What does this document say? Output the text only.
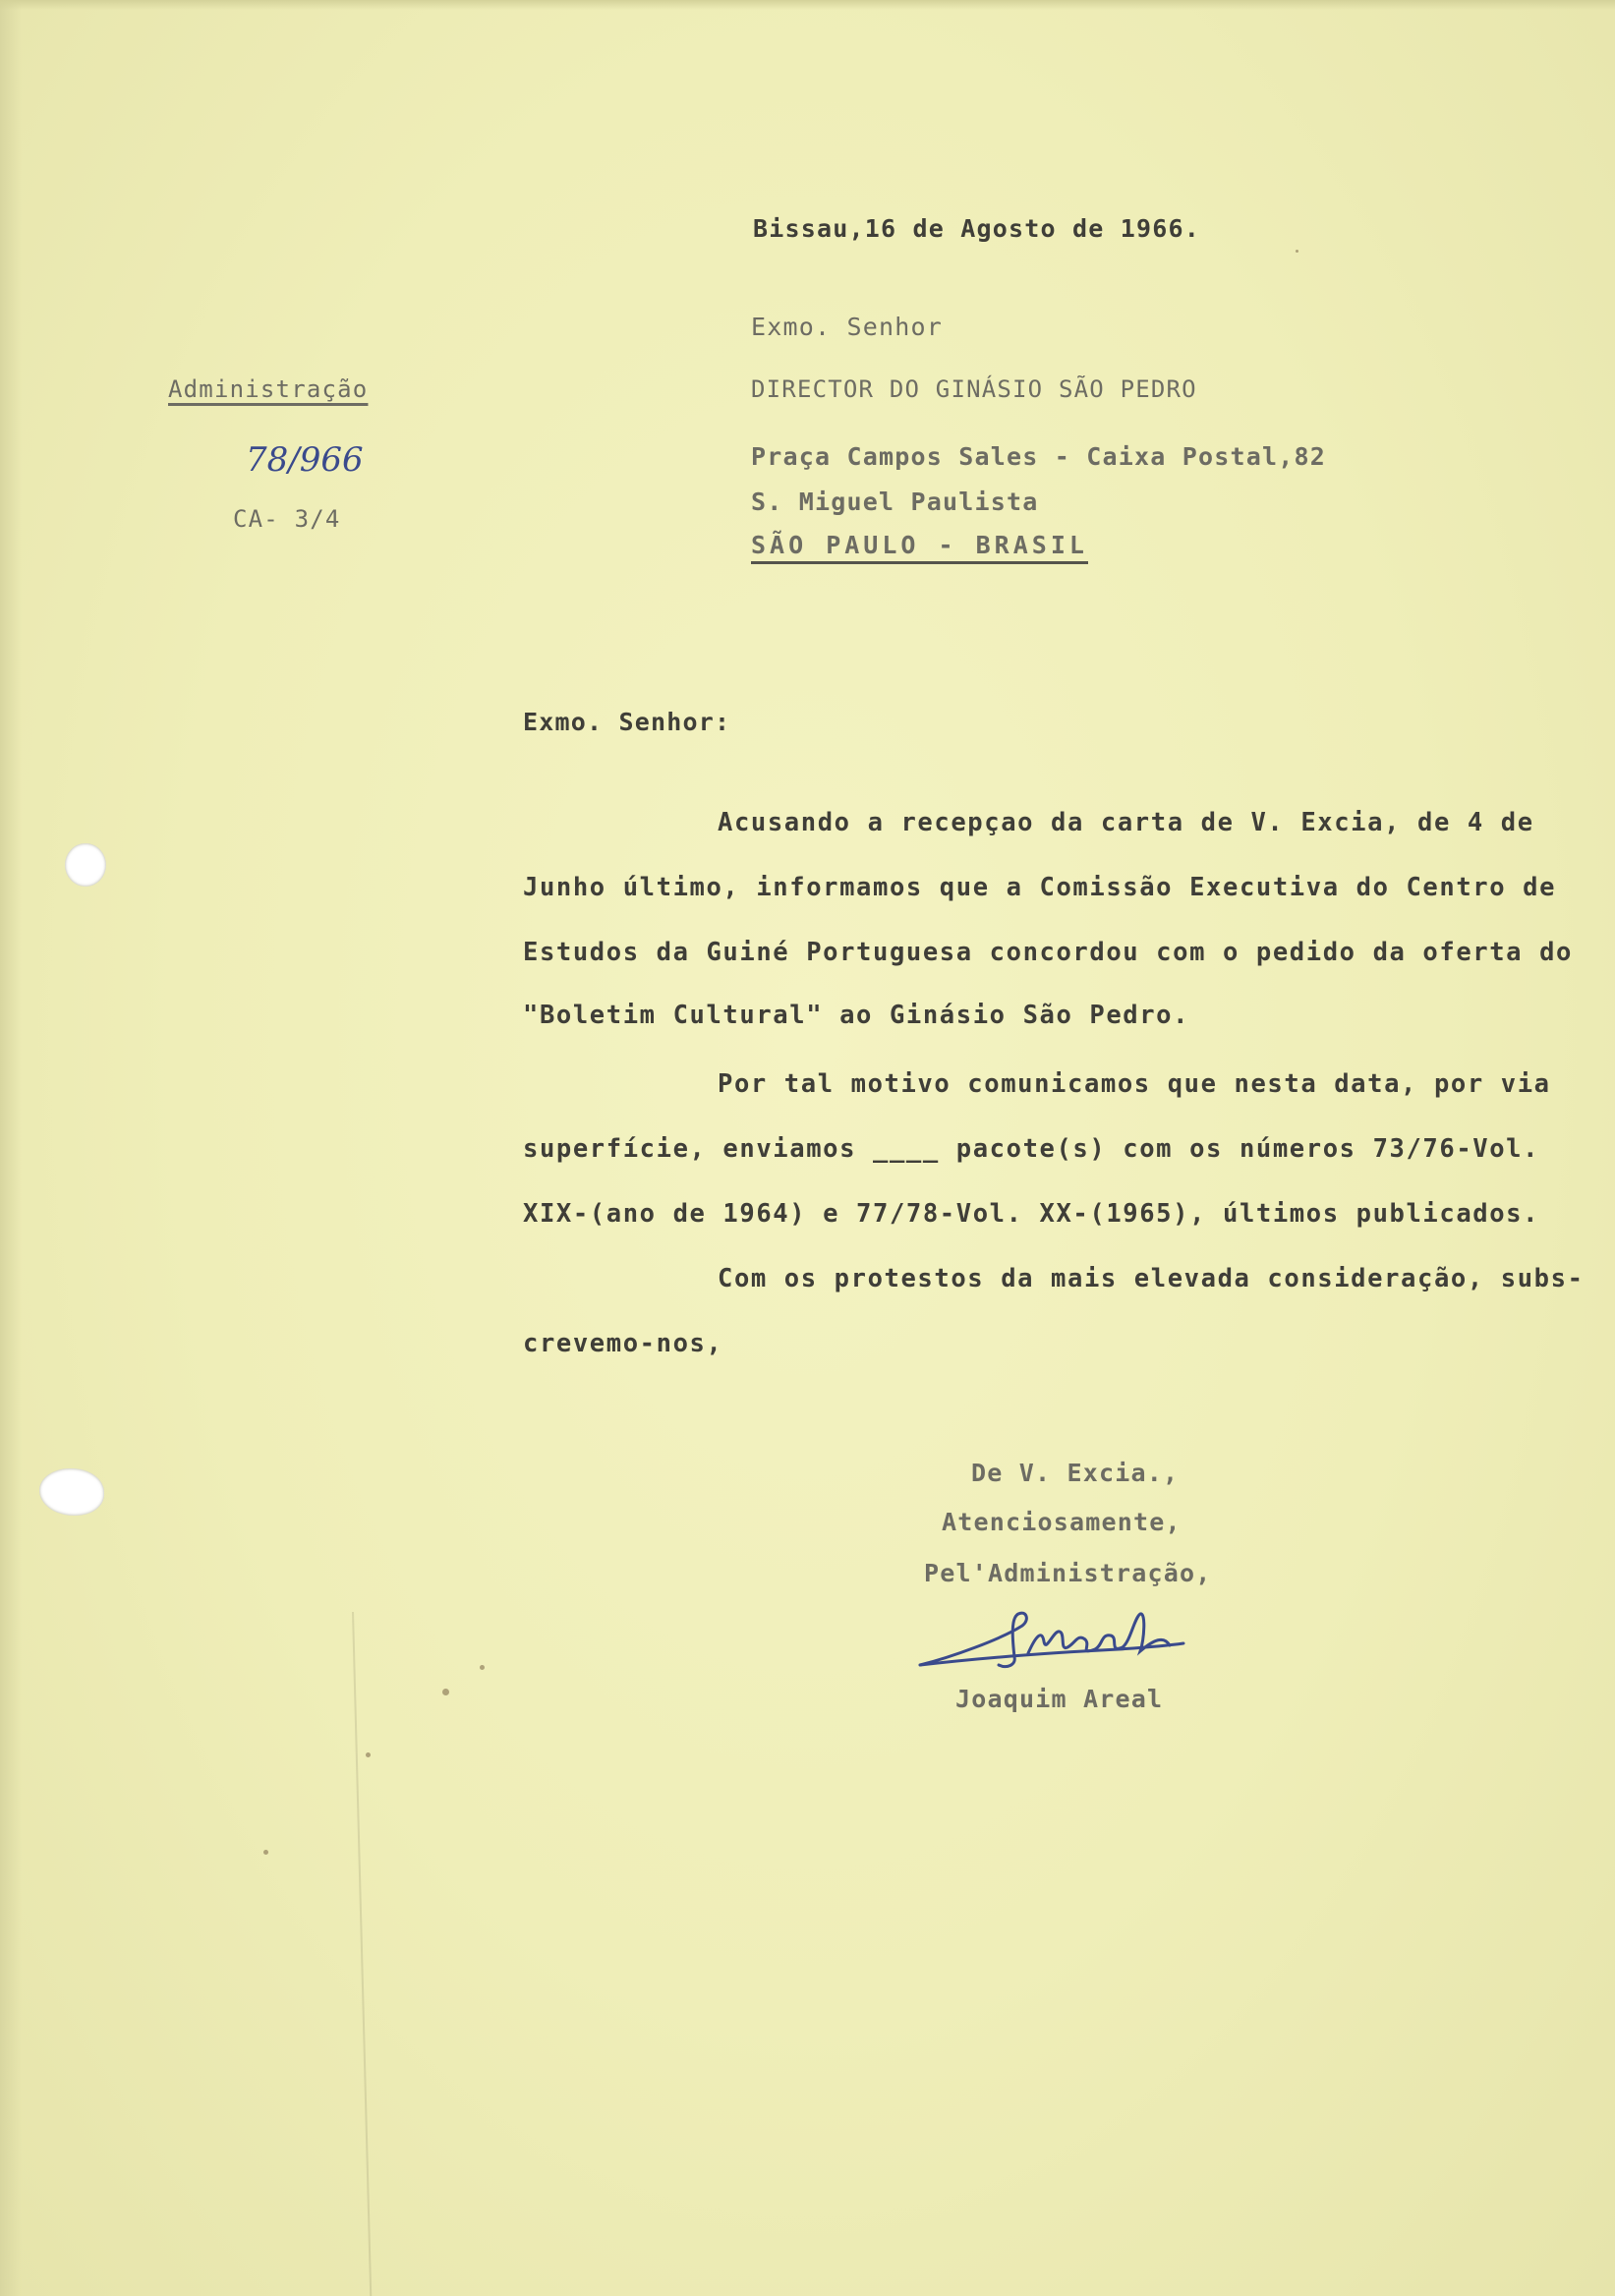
Bissau,16 de Agosto de 1966.
Administração
78/966
CA- 3/4
Exmo. Senhor
DIRECTOR DO GINÁSIO SÃO PEDRO
Praça Campos Sales - Caixa Postal,82
S. Miguel Paulista
SÃO PAULO - BRASIL
Exmo. Senhor:
Acusando a recepçao da carta de V. Excia, de 4 de
Junho último, informamos que a Comissão Executiva do Centro de
Estudos da Guiné Portuguesa concordou com o pedido da oferta do
"Boletim Cultural" ao Ginásio São Pedro.
Por tal motivo comunicamos que nesta data, por via
superfície, enviamos ____ pacote(s) com os números 73/76-Vol.
XIX-(ano de 1964) e 77/78-Vol. XX-(1965), últimos publicados.
Com os protestos da mais elevada consideração, subs-
crevemo-nos,
De V. Excia.,
Atenciosamente,
Pel'Administração,
Joaquim Areal
